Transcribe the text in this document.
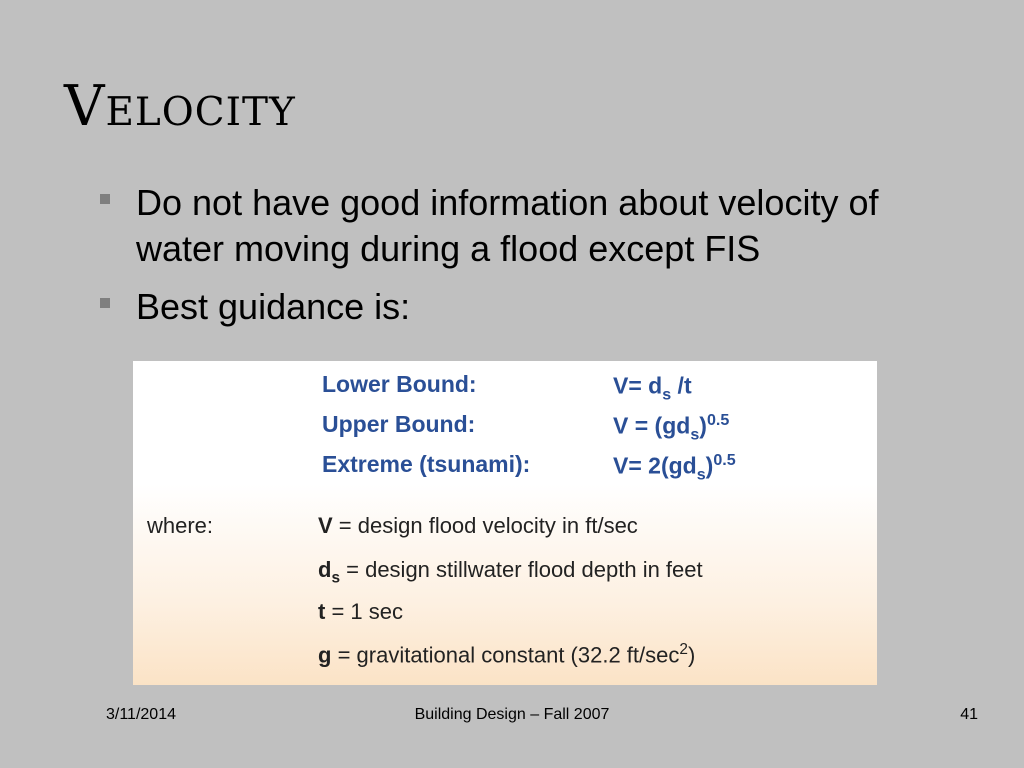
Velocity
Do not have good information about velocity of water moving during a flood except FIS
Best guidance is:
Lower Bound:	$V= d_s$ /t
Upper Bound:	$V = (gd_s)^{0.5}$
Extreme (tsunami):	$V= 2(gd_s)^{0.5}$
where:	V = design flood velocity in ft/sec
$d_s$ = design stillwater flood depth in feet
t = 1 sec
g = gravitational constant (32.2 $ft/\sec^2$)
3/11/2014	Building Design – Fall 2007	41
